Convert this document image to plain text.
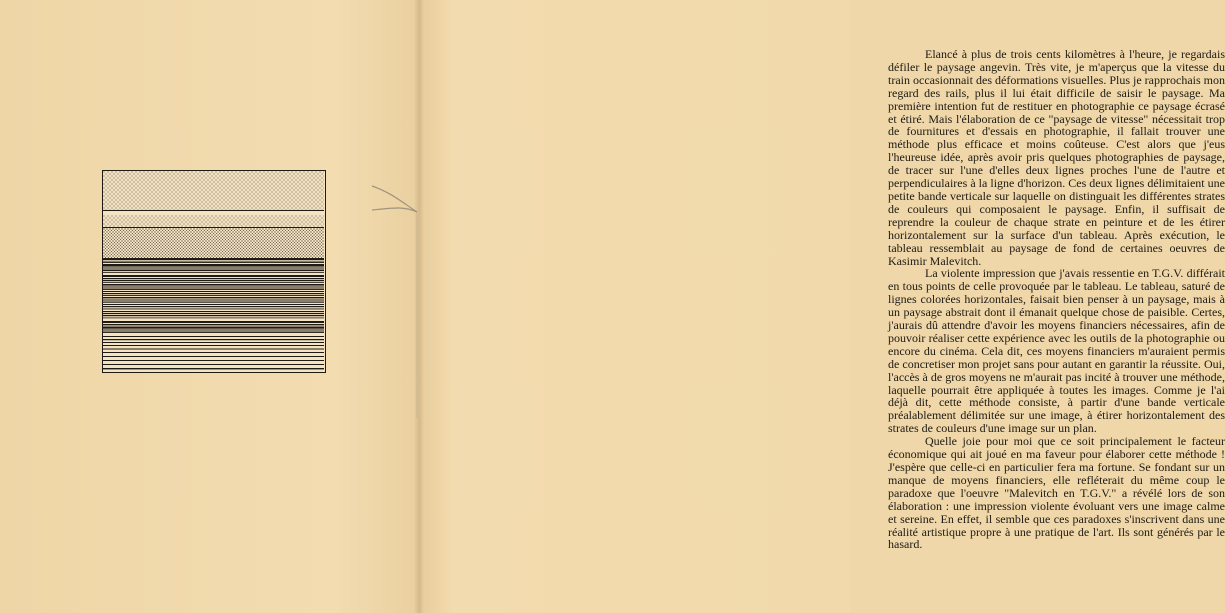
Elancé à plus de trois cents kilomètres à l'heure, je regardais défiler le paysage angevin. Très vite, je m'aperçus que la vitesse du train occasionnait des déformations visuelles. Plus je rapprochais mon regard des rails, plus il lui était difficile de saisir le paysage. Ma première intention fut de restituer en photographie ce paysage écrasé et étiré. Mais l'élaboration de ce "paysage de vitesse" nécessitait trop de fournitures et d'essais en photographie, il fallait trouver une méthode plus efficace et moins coûteuse. C'est alors que j'eus l'heureuse idée, après avoir pris quelques photographies de paysage, de tracer sur l'une d'elles deux lignes proches l'une de l'autre et perpendiculaires à la ligne d'horizon. Ces deux lignes délimitaient une petite bande verticale sur laquelle on distinguait les différentes strates de couleurs qui composaient le paysage. Enfin, il suffisait de reprendre la couleur de chaque strate en peinture et de les étirer horizontalement sur la surface d'un tableau. Après exécution, le tableau ressemblait au paysage de fond de certaines oeuvres de Kasimir Malevitch.

La violente impression que j'avais ressentie en T.G.V. différait en tous points de celle provoquée par le tableau. Le tableau, saturé de lignes colorées horizontales, faisait bien penser à un paysage, mais à un paysage abstrait dont il émanait quelque chose de paisible. Certes, j'aurais dû attendre d'avoir les moyens financiers nécessaires, afin de pouvoir réaliser cette expérience avec les outils de la photographie ou encore du cinéma. Cela dit, ces moyens financiers m'auraient permis de concretiser mon projet sans pour autant en garantir la réussite. Oui, l'accès à de gros moyens ne m'aurait pas incité à trouver une méthode, laquelle pourrait être appliquée à toutes les images. Comme je l'ai déjà dit, cette méthode consiste, à partir d'une bande verticale préalablement délimitée sur une image, à étirer horizontalement des strates de couleurs d'une image sur un plan.

Quelle joie pour moi que ce soit principalement le facteur économique qui ait joué en ma faveur pour élaborer cette méthode ! J'espère que celle-ci en particulier fera ma fortune. Se fondant sur un manque de moyens financiers, elle refléterait du même coup le paradoxe que l'oeuvre "Malevitch en T.G.V." a révélé lors de son élaboration : une impression violente évoluant vers une image calme et sereine. En effet, il semble que ces paradoxes s'inscrivent dans une réalité artistique propre à une pratique de l'art. Ils sont générés par le hasard.
